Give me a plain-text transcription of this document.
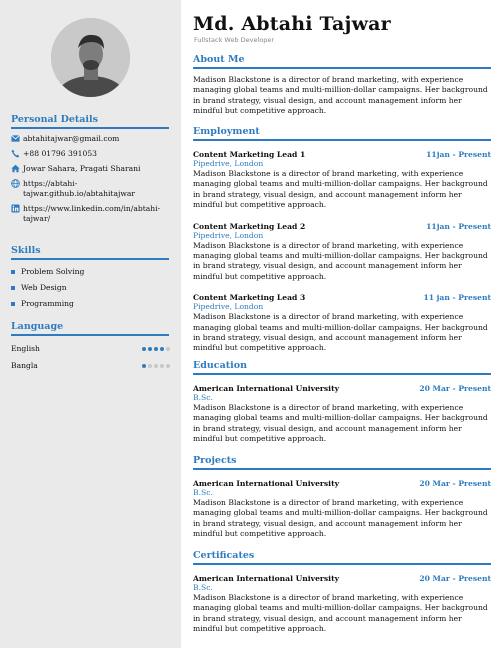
Personal Details
abtahitajwar@gmail.com
+88 01796 391053
Jowar Sahara, Pragati Sharani
https://abtahi-tajwar.github.io/abtahitajwar
https://www.linkedin.com/in/abtahi-tajwar/
Skills
Problem Solving
Web Design
Programming
Language
English
Bangla
Md. Abtahi Tajwar
Fullstack Web Developer
About Me
Madison Blackstone is a director of brand marketing, with experience managing global teams and multi-million-dollar campaigns. Her background in brand strategy, visual design, and account management inform her mindful but competitive approach.
Employment
Content Marketing Lead 1	11jan - Present
Pipedrive, London
Madison Blackstone is a director of brand marketing, with experience managing global teams and multi-million-dollar campaigns. Her background in brand strategy, visual design, and account management inform her mindful but competitive approach.
Content Marketing Lead 2	11jan - Present
Pipedrive, London
Madison Blackstone is a director of brand marketing, with experience managing global teams and multi-million-dollar campaigns. Her background in brand strategy, visual design, and account management inform her mindful but competitive approach.
Content Marketing Lead 3	11 jan - Present
Pipedrive, London
Madison Blackstone is a director of brand marketing, with experience managing global teams and multi-million-dollar campaigns. Her background in brand strategy, visual design, and account management inform her mindful but competitive approach.
Education
American International University	20 Mar - Present
B.Sc.
Madison Blackstone is a director of brand marketing, with experience managing global teams and multi-million-dollar campaigns. Her background in brand strategy, visual design, and account management inform her mindful but competitive approach.
Projects
American International University	20 Mar - Present
B.Sc.
Madison Blackstone is a director of brand marketing, with experience managing global teams and multi-million-dollar campaigns. Her background in brand strategy, visual design, and account management inform her mindful but competitive approach.
Certificates
American International University	20 Mar - Present
B.Sc.
Madison Blackstone is a director of brand marketing, with experience managing global teams and multi-million-dollar campaigns. Her background in brand strategy, visual design, and account management inform her mindful but competitive approach.
